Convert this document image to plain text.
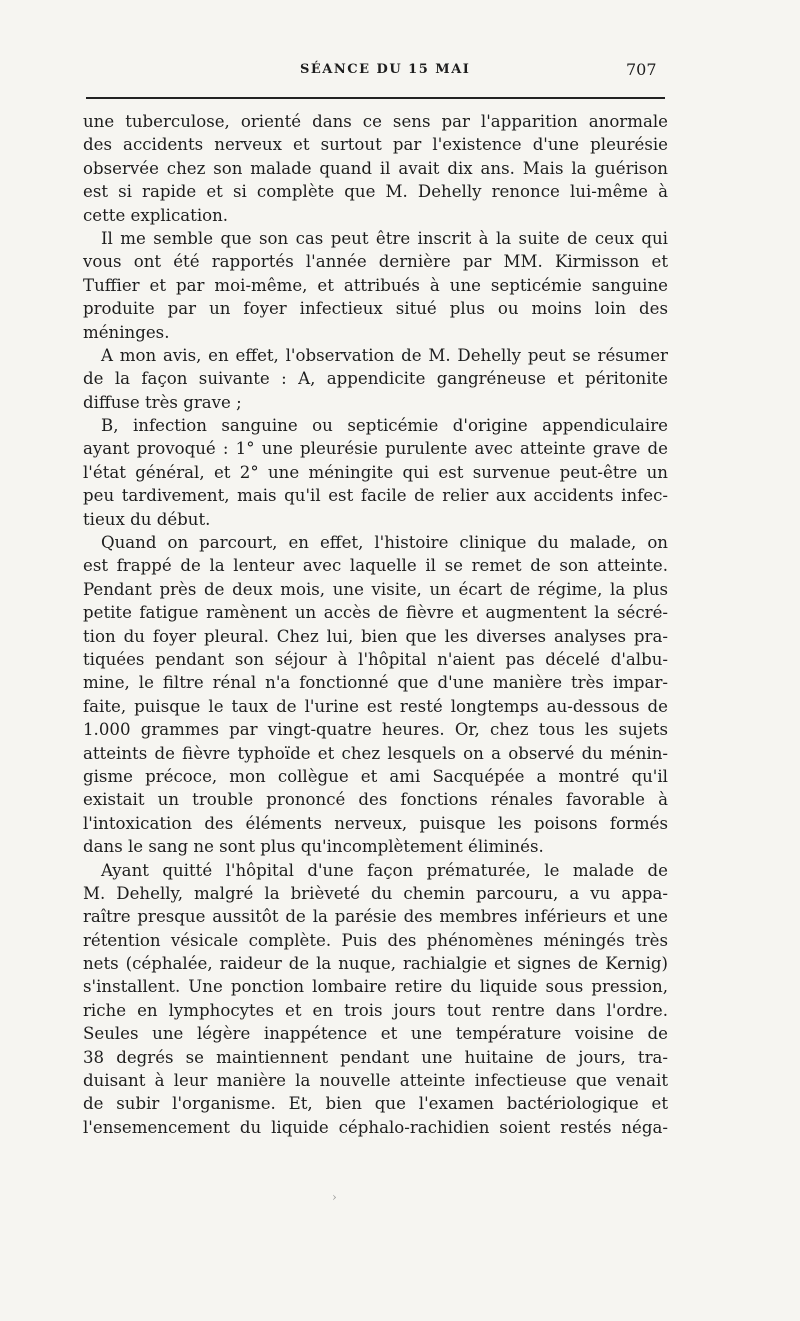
SÉANCE DU 15 MAI	707
une tuberculose, orienté dans ce sens par l'apparition anormale
des accidents nerveux et surtout par l'existence d'une pleurésie
observée chez son malade quand il avait dix ans. Mais la guérison
est si rapide et si complète que M. Dehelly renonce lui-même à
cette explication.
Il me semble que son cas peut être inscrit à la suite de ceux qui
vous ont été rapportés l'année dernière par MM. Kirmisson et
Tuffier et par moi-même, et attribués à une septicémie sanguine
produite par un foyer infectieux situé plus ou moins loin des
méninges.
A mon avis, en effet, l'observation de M. Dehelly peut se résumer
de la façon suivante : A, appendicite gangréneuse et péritonite
diffuse très grave ;
B, infection sanguine ou septicémie d'origine appendiculaire
ayant provoqué : 1° une pleurésie purulente avec atteinte grave de
l'état général, et 2° une méningite qui est survenue peut-être un
peu tardivement, mais qu'il est facile de relier aux accidents infec-
tieux du début.
Quand on parcourt, en effet, l'histoire clinique du malade, on
est frappé de la lenteur avec laquelle il se remet de son atteinte.
Pendant près de deux mois, une visite, un écart de régime, la plus
petite fatigue ramènent un accès de fièvre et augmentent la sécré-
tion du foyer pleural. Chez lui, bien que les diverses analyses pra-
tiquées pendant son séjour à l'hôpital n'aient pas décelé d'albu-
mine, le filtre rénal n'a fonctionné que d'une manière très impar-
faite, puisque le taux de l'urine est resté longtemps au-dessous de
1.000 grammes par vingt-quatre heures. Or, chez tous les sujets
atteints de fièvre typhoïde et chez lesquels on a observé du ménin-
gisme précoce, mon collègue et ami Sacquépée a montré qu'il
existait un trouble prononcé des fonctions rénales favorable à
l'intoxication des éléments nerveux, puisque les poisons formés
dans le sang ne sont plus qu'incomplètement éliminés.
Ayant quitté l'hôpital d'une façon prématurée, le malade de
M. Dehelly, malgré la brièveté du chemin parcouru, a vu appa-
raître presque aussitôt de la parésie des membres inférieurs et une
rétention vésicale complète. Puis des phénomènes méningés très
nets (céphalée, raideur de la nuque, rachialgie et signes de Kernig)
s'installent. Une ponction lombaire retire du liquide sous pression,
riche en lymphocytes et en trois jours tout rentre dans l'ordre.
Seules une légère inappétence et une température voisine de
38 degrés se maintiennent pendant une huitaine de jours, tra-
duisant à leur manière la nouvelle atteinte infectieuse que venait
de subir l'organisme. Et, bien que l'examen bactériologique et
l'ensemencement du liquide céphalo-rachidien soient restés néga-
›
